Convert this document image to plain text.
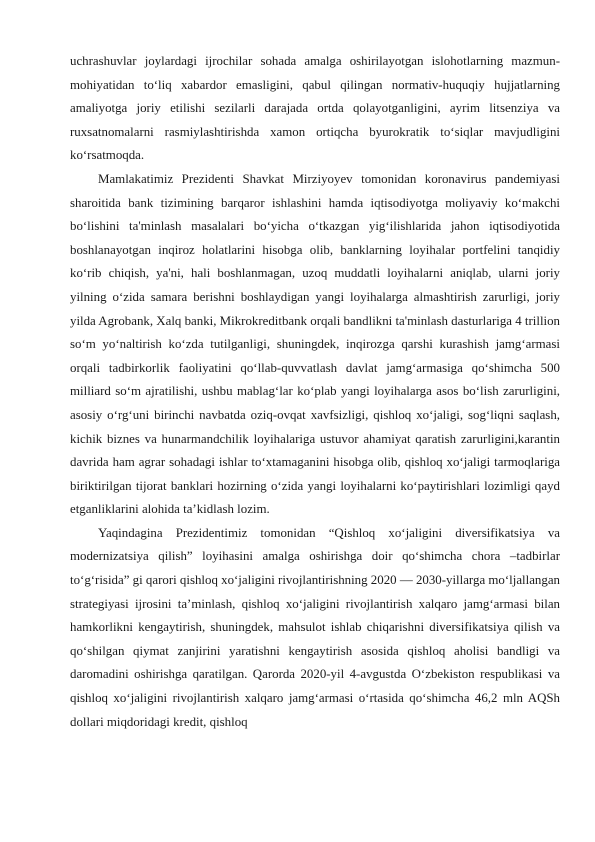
uchrashuvlar joylardagi ijrochilar sohada amalga oshirilayotgan islohotlarning mazmun-mohiyatidan to‘liq xabardor emasligini, qabul qilingan normativ-huquqiy hujjatlarning amaliyotga joriy etilishi sezilarli darajada ortda qolayotganligini, ayrim litsenziya va ruxsatnomalarni rasmiylashtirishda xamon ortiqcha byurokratik to‘siqlar mavjudligini ko‘rsatmoqda.

Mamlakatimiz Prezidenti Shavkat Mirziyoyev tomonidan koronavirus pandemiyasi sharoitida bank tizimining barqaror ishlashini hamda iqtisodiyotga moliyaviy ko‘makchi bo‘lishini ta'minlash masalalari bo‘yicha o‘tkazgan yig‘ilishlarida jahon iqtisodiyotida boshlanayotgan inqiroz holatlarini hisobga olib, banklarning loyihalar portfelini tanqidiy ko‘rib chiqish, ya'ni, hali boshlanmagan, uzoq muddatli loyihalarni aniqlab, ularni joriy yilning o‘zida samara berishni boshlaydigan yangi loyihalarga almashtirish zarurligi, joriy yilda Agrobank, Xalq banki, Mikrokreditbank orqali bandlikni ta'minlash dasturlariga 4 trillion so‘m yo‘naltirish ko‘zda tutilganligi, shuningdek, inqirozga qarshi kurashish jamg‘armasi orqali tadbirkorlik faoliyatini qo‘llab-quvvatlash davlat jamg‘armasiga qo‘shimcha 500 milliard so‘m ajratilishi, ushbu mablag‘lar ko‘plab yangi loyihalarga asos bo‘lish zarurligini, asosiy o‘rg‘uni birinchi navbatda oziq-ovqat xavfsizligi, qishloq xo‘jaligi, sog‘liqni saqlash, kichik biznes va hunarmandchilik loyihalariga ustuvor ahamiyat qaratish zarurligini,karantin davrida ham agrar sohadagi ishlar to‘xtamaganini hisobga olib, qishloq xo‘jaligi tarmoqlariga biriktirilgan tijorat banklari hozirning o‘zida yangi loyihalarni ko‘paytirishlari lozimligi qayd etganliklarini alohida ta’kidlash lozim.

Yaqindagina Prezidentimiz tomonidan “Qishloq xo‘jaligini diversifikatsiya va modernizatsiya qilish” loyihasini amalga oshirishga doir qo‘shimcha chora –tadbirlar to‘g‘risida” gi qarori qishloq xo‘jaligini rivojlantirishning 2020 — 2030-yillarga mo‘ljallangan strategiyasi ijrosini ta’minlash, qishloq xo‘jaligini rivojlantirish xalqaro jamg‘armasi bilan hamkorlikni kengaytirish, shuningdek, mahsulot ishlab chiqarishni diversifikatsiya qilish va qo‘shilgan qiymat zanjirini yaratishni kengaytirish asosida qishloq aholisi bandligi va daromadini oshirishga qaratilgan. Qarorda 2020-yil 4-avgustda O‘zbekiston respublikasi va qishloq xo‘jaligini rivojlantirish xalqaro jamg‘armasi o‘rtasida qo‘shimcha 46,2 mln AQSh dollari miqdoridagi kredit, qishloq
